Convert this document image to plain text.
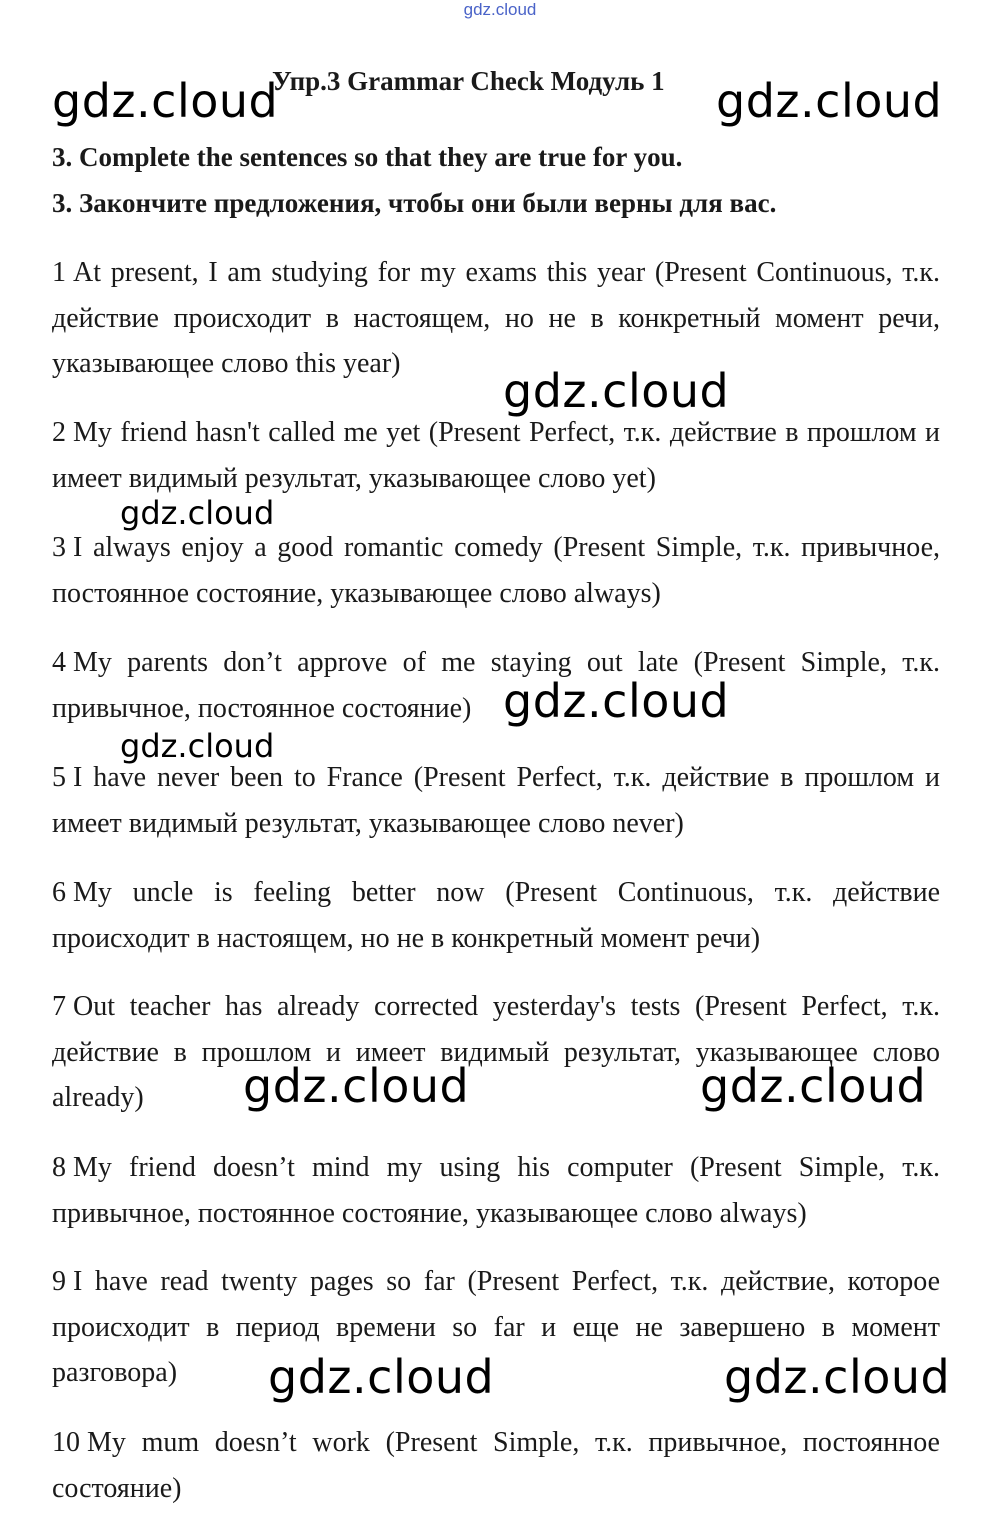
gdz.cloud
Упр.3 Grammar Check Модуль 1
3. Complete the sentences so that they are true for you.
3. Закончите предложения, чтобы они были верны для вас.
1 At present, I am studying for my exams this year (Present Continuous, т.к. действие происходит в настоящем, но не в конкретный момент речи, указывающее слово this year)
2 My friend hasn't called me yet (Present Perfect, т.к. действие в прошлом и имеет видимый результат, указывающее слово yet)
3 I always enjoy a good romantic comedy (Present Simple, т.к. привычное, постоянное состояние, указывающее слово always)
4 My parents don’t approve of me staying out late (Present Simple, т.к. привычное, постоянное состояние)
5 I have never been to France (Present Perfect, т.к. действие в прошлом и имеет видимый результат, указывающее слово never)
6 My uncle is feeling better now (Present Continuous, т.к. действие происходит в настоящем, но не в конкретный момент речи)
7 Out teacher has already corrected yesterday's tests (Present Perfect, т.к. действие в прошлом и имеет видимый результат, указывающее слово already)
8 My friend doesn’t mind my using his computer (Present Simple, т.к. привычное, постоянное состояние, указывающее слово always)
9 I have read twenty pages so far (Present Perfect, т.к. действие, которое происходит в период времени so far и еще не завершено в момент разговора)
10 My mum doesn’t work (Present Simple, т.к. привычное, постоянное состояние)
gdz.cloud	gdz.cloud
gdz.cloud
gdz.cloud
gdz.cloud
gdz.cloud
gdz.cloud	gdz.cloud
gdz.cloud	gdz.cloud
